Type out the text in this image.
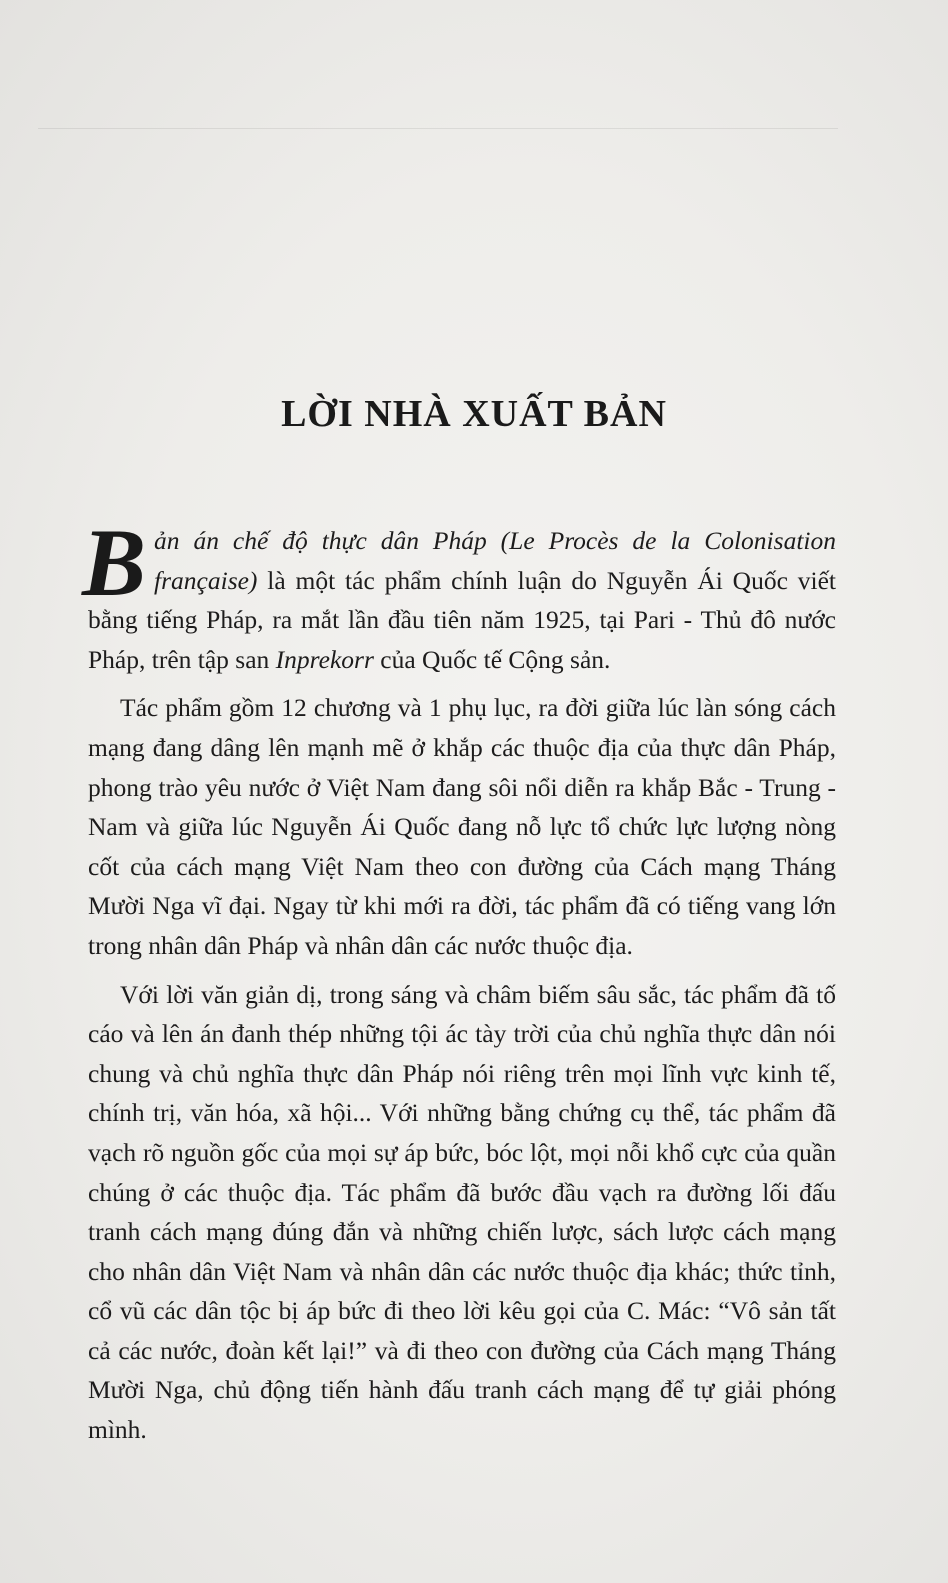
LỜI NHÀ XUẤT BẢN

Bản án chế độ thực dân Pháp (Le Procès de la Colonisation française) là một tác phẩm chính luận do Nguyễn Ái Quốc viết bằng tiếng Pháp, ra mắt lần đầu tiên năm 1925, tại Pari - Thủ đô nước Pháp, trên tập san Inprekorr của Quốc tế Cộng sản.

Tác phẩm gồm 12 chương và 1 phụ lục, ra đời giữa lúc làn sóng cách mạng đang dâng lên mạnh mẽ ở khắp các thuộc địa của thực dân Pháp, phong trào yêu nước ở Việt Nam đang sôi nổi diễn ra khắp Bắc - Trung - Nam và giữa lúc Nguyễn Ái Quốc đang nỗ lực tổ chức lực lượng nòng cốt của cách mạng Việt Nam theo con đường của Cách mạng Tháng Mười Nga vĩ đại. Ngay từ khi mới ra đời, tác phẩm đã có tiếng vang lớn trong nhân dân Pháp và nhân dân các nước thuộc địa.

Với lời văn giản dị, trong sáng và châm biếm sâu sắc, tác phẩm đã tố cáo và lên án đanh thép những tội ác tày trời của chủ nghĩa thực dân nói chung và chủ nghĩa thực dân Pháp nói riêng trên mọi lĩnh vực kinh tế, chính trị, văn hóa, xã hội... Với những bằng chứng cụ thể, tác phẩm đã vạch rõ nguồn gốc của mọi sự áp bức, bóc lột, mọi nỗi khổ cực của quần chúng ở các thuộc địa. Tác phẩm đã bước đầu vạch ra đường lối đấu tranh cách mạng đúng đắn và những chiến lược, sách lược cách mạng cho nhân dân Việt Nam và nhân dân các nước thuộc địa khác; thức tỉnh, cổ vũ các dân tộc bị áp bức đi theo lời kêu gọi của C. Mác: “Vô sản tất cả các nước, đoàn kết lại!” và đi theo con đường của Cách mạng Tháng Mười Nga, chủ động tiến hành đấu tranh cách mạng để tự giải phóng mình.
